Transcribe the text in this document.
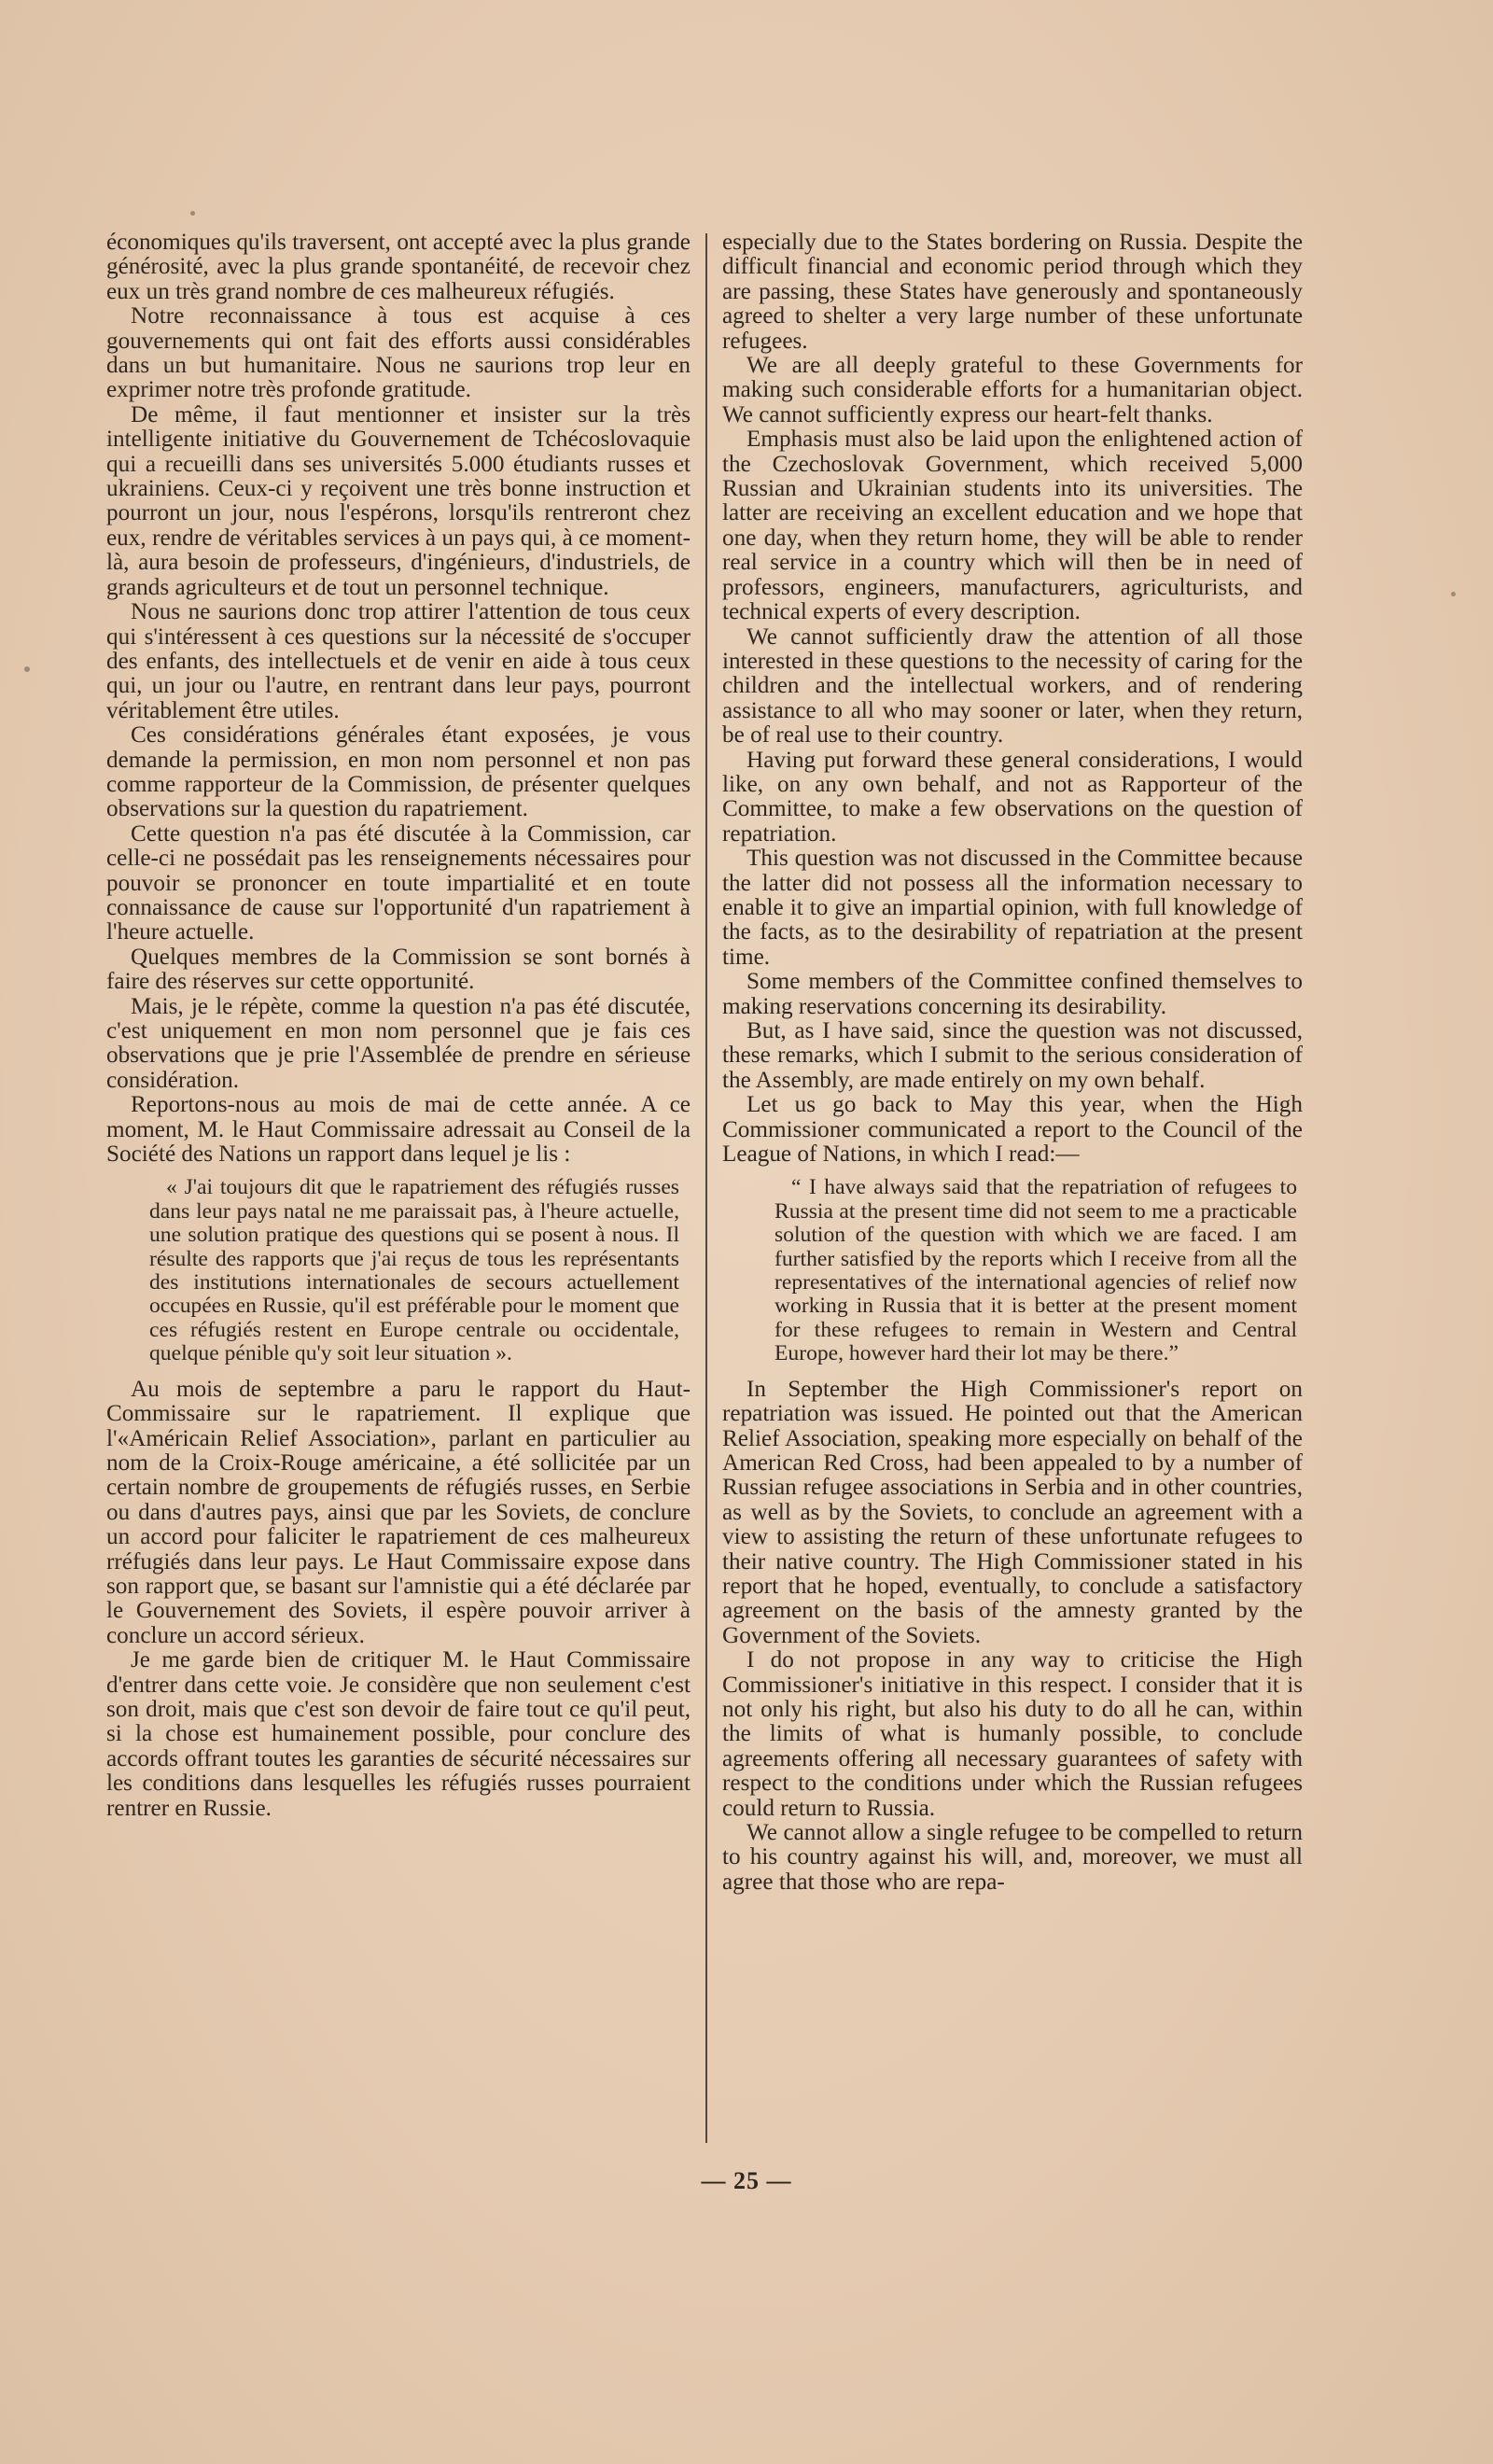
économiques qu'ils traversent, ont accepté avec la plus grande générosité, avec la plus grande spontanéité, de recevoir chez eux un très grand nombre de ces malheureux réfugiés.

Notre reconnaissance à tous est acquise à ces gouvernements qui ont fait des efforts aussi considérables dans un but humanitaire. Nous ne saurions trop leur en exprimer notre très profonde gratitude.

De même, il faut mentionner et insister sur la très intelligente initiative du Gouvernement de Tchécoslovaquie qui a recueilli dans ses universités 5.000 étudiants russes et ukrainiens. Ceux-ci y reçoivent une très bonne instruction et pourront un jour, nous l'espérons, lorsqu'ils rentreront chez eux, rendre de véritables services à un pays qui, à ce moment-là, aura besoin de professeurs, d'ingénieurs, d'industriels, de grands agriculteurs et de tout un personnel technique.

Nous ne saurions donc trop attirer l'attention de tous ceux qui s'intéressent à ces questions sur la nécessité de s'occuper des enfants, des intellectuels et de venir en aide à tous ceux qui, un jour ou l'autre, en rentrant dans leur pays, pourront véritablement être utiles.

Ces considérations générales étant exposées, je vous demande la permission, en mon nom personnel et non pas comme rapporteur de la Commission, de présenter quelques observations sur la question du rapatriement.

Cette question n'a pas été discutée à la Commission, car celle-ci ne possédait pas les renseignements nécessaires pour pouvoir se prononcer en toute impartialité et en toute connaissance de cause sur l'opportunité d'un rapatriement à l'heure actuelle.

Quelques membres de la Commission se sont bornés à faire des réserves sur cette opportunité.

Mais, je le répète, comme la question n'a pas été discutée, c'est uniquement en mon nom personnel que je fais ces observations que je prie l'Assemblée de prendre en sérieuse considération.

Reportons-nous au mois de mai de cette année. A ce moment, M. le Haut Commissaire adressait au Conseil de la Société des Nations un rapport dans lequel je lis :

« J'ai toujours dit que le rapatriement des réfugiés russes dans leur pays natal ne me paraissait pas, à l'heure actuelle, une solution pratique des questions qui se posent à nous. Il résulte des rapports que j'ai reçus de tous les représentants des institutions internationales de secours actuellement occupées en Russie, qu'il est préférable pour le moment que ces réfugiés restent en Europe centrale ou occidentale, quelque pénible qu'y soit leur situation ».

Au mois de septembre a paru le rapport du Haut-Commissaire sur le rapatriement. Il explique que l'«Américain Relief Association», parlant en particulier au nom de la Croix-Rouge américaine, a été sollicitée par un certain nombre de groupements de réfugiés russes, en Serbie ou dans d'autres pays, ainsi que par les Soviets, de conclure un accord pour faliciter le rapatriement de ces malheureux rréfugiés dans leur pays. Le Haut Commissaire expose dans son rapport que, se basant sur l'amnistie qui a été déclarée par le Gouvernement des Soviets, il espère pouvoir arriver à conclure un accord sérieux.

Je me garde bien de critiquer M. le Haut Commissaire d'entrer dans cette voie. Je considère que non seulement c'est son droit, mais que c'est son devoir de faire tout ce qu'il peut, si la chose est humainement possible, pour conclure des accords offrant toutes les garanties de sécurité nécessaires sur les conditions dans lesquelles les réfugiés russes pourraient rentrer en Russie.

especially due to the States bordering on Russia. Despite the difficult financial and economic period through which they are passing, these States have generously and spontaneously agreed to shelter a very large number of these unfortunate refugees.

We are all deeply grateful to these Governments for making such considerable efforts for a humanitarian object. We cannot sufficiently express our heart-felt thanks.

Emphasis must also be laid upon the enlightened action of the Czechoslovak Government, which received 5,000 Russian and Ukrainian students into its universities. The latter are receiving an excellent education and we hope that one day, when they return home, they will be able to render real service in a country which will then be in need of professors, engineers, manufacturers, agriculturists, and technical experts of every description.

We cannot sufficiently draw the attention of all those interested in these questions to the necessity of caring for the children and the intellectual workers, and of rendering assistance to all who may sooner or later, when they return, be of real use to their country.

Having put forward these general considerations, I would like, on any own behalf, and not as Rapporteur of the Committee, to make a few observations on the question of repatriation.

This question was not discussed in the Committee because the latter did not possess all the information necessary to enable it to give an impartial opinion, with full knowledge of the facts, as to the desirability of repatriation at the present time.

Some members of the Committee confined themselves to making reservations concerning its desirability.

But, as I have said, since the question was not discussed, these remarks, which I submit to the serious consideration of the Assembly, are made entirely on my own behalf.

Let us go back to May this year, when the High Commissioner communicated a report to the Council of the League of Nations, in which I read:—

“ I have always said that the repatriation of refugees to Russia at the present time did not seem to me a practicable solution of the question with which we are faced. I am further satisfied by the reports which I receive from all the representatives of the international agencies of relief now working in Russia that it is better at the present moment for these refugees to remain in Western and Central Europe, however hard their lot may be there.”

In September the High Commissioner's report on repatriation was issued. He pointed out that the American Relief Association, speaking more especially on behalf of the American Red Cross, had been appealed to by a number of Russian refugee associations in Serbia and in other countries, as well as by the Soviets, to conclude an agreement with a view to assisting the return of these unfortunate refugees to their native country. The High Commissioner stated in his report that he hoped, eventually, to conclude a satisfactory agreement on the basis of the amnesty granted by the Government of the Soviets.

I do not propose in any way to criticise the High Commissioner's initiative in this respect. I consider that it is not only his right, but also his duty to do all he can, within the limits of what is humanly possible, to conclude agreements offering all necessary guarantees of safety with respect to the conditions under which the Russian refugees could return to Russia.

We cannot allow a single refugee to be compelled to return to his country against his will, and, moreover, we must all agree that those who are repa-

— 25 —
